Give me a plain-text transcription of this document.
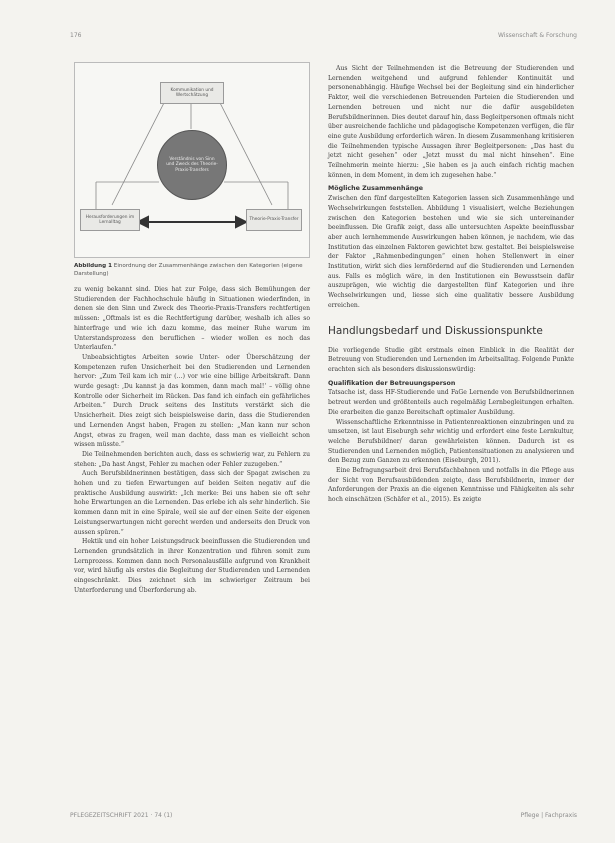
176	Wissenschaft & Forschung
Kommunikation und Wertschätzung
Verständnis von Sinn und Zweck des Theorie-Praxis-Transfers
Herausforderungen im Lernalltag
Theorie-Praxis-Transfer
Abbildung 1 Einordnung der Zusammenhänge zwischen den Kategorien (eigene Darstellung)

zu wenig bekannt sind. Dies hat zur Folge, dass sich Bemühungen der Studierenden der Fachhochschule häufig in Situationen wiederfinden, in denen sie den Sinn und Zweck des Theorie-Praxis-Transfers rechtfertigen müssen: „Oftmals ist es die Rechtfertigung darüber, weshalb ich alles so hinterfrage und wie ich dazu komme, das meiner Ruhe warum im Unterstandsprozess den beruflichen – wieder wollen es noch das Unterlaufen.“

Unbeabsichtigtes Arbeiten sowie Unter- oder Überschätzung der Kompetenzen rufen Unsicherheit bei den Studierenden und Lernenden hervor: „Zum Teil kam ich mir (…) vor wie eine billige Arbeitskraft. Dann wurde gesagt: ‚Du kannst ja das kommen, dann mach mal!‘ – völlig ohne Kontrolle oder Sicherheit im Rücken. Das fand ich einfach ein gefährliches Arbeiten.“ Durch Druck seitens des Instituts verstärkt sich die Unsicherheit. Dies zeigt sich beispielsweise darin, dass die Studierenden und Lernenden Angst haben, Fragen zu stellen: „Man kann nur schon Angst, etwas zu fragen, weil man dachte, dass man es vielleicht schon wissen müsste.“

Die Teilnehmenden berichten auch, dass es schwierig war, zu Fehlern zu stehen: „Da hast Angst, Fehler zu machen oder Fehler zuzugeben.“

Auch Berufsbildnerinnen bestätigen, dass sich der Spagat zwischen zu hohen und zu tiefen Erwartungen auf beiden Seiten negativ auf die praktische Ausbildung auswirkt: „Ich merke: Bei uns haben sie oft sehr hohe Erwartungen an die Lernenden. Das erlebe ich als sehr hinderlich. Sie kommen dann mit in eine Spirale, weil sie auf der einen Seite der eigenen Leistungserwartungen nicht gerecht werden und anderseits den Druck von aussen spüren.“

Hektik und ein hoher Leistungsdruck beeinflussen die Studierenden und Lernenden grundsätzlich in ihrer Konzentration und führen somit zum Lernprozess. Kommen dann noch Personalausfälle aufgrund von Krankheit vor, wird häufig als erstes die Begleitung der Studierenden und Lernenden eingeschränkt. Dies zeichnet sich im schwieriger Zeitraum bei Unterforderung und Überforderung ab.

Aus Sicht der Teilnehmenden ist die Betreuung der Studierenden und Lernenden weitgehend und aufgrund fehlender Kontinuität und personenabhängig. Häufige Wechsel bei der Begleitung sind ein hinderlicher Faktor, weil die verschiedenen Betreuenden Parteien die Studierenden und Lernenden betreuen und nicht nur die dafür ausgebildeten Berufsbildnerinnen. Dies deutet darauf hin, dass Begleitpersonen oftmals nicht über ausreichende fachliche und pädagogische Kompetenzen verfügen, die für eine gute Ausbildung erforderlich wären. In diesem Zusammenhang kritisieren die Teilnehmenden typische Aussagen ihrer Begleitpersonen: „Das hast du jetzt nicht gesehen“ oder „Jetzt musst du mal nicht hinsehen“. Eine Teilnehmerin meinte hierzu: „Sie haben es ja auch einfach richtig machen können, in dem Moment, in dem ich zugesehen habe.“

Mögliche Zusammenhänge

Zwischen den fünf dargestellten Kategorien lassen sich Zusammenhänge und Wechselwirkungen feststellen. Abbildung 1 visualisiert, welche Beziehungen zwischen den Kategorien bestehen und wie sie sich untereinander beeinflussen. Die Grafik zeigt, dass alle untersuchten Aspekte beeinflussbar aber auch lernhemmende Auswirkungen haben können, je nachdem, wie das Institution das einzelnen Faktoren gewichtet bzw. gestaltet. Bei beispielsweise der Faktor „Rahmenbedingungen“ einen hohen Stellenwert in einer Institution, wirkt sich dies lernfördernd auf die Studierenden und Lernenden aus. Falls es möglich wäre, in den Institutionen ein Bewusstsein dafür auszuprägen, wie wichtig die dargestellten fünf Kategorien und ihre Wechselwirkungen und, liesse sich eine qualitativ bessere Ausbildung erreichen.

Handlungsbedarf und Diskussionspunkte

Die vorliegende Studie gibt erstmals einen Einblick in die Realität der Betreuung von Studierenden und Lernenden im Arbeitsalltag. Folgende Punkte erachten sich als besonders diskussionswürdig:

Qualifikation der Betreuungsperson

Tatsache ist, dass HF-Studierende und FaGe Lernende von Berufsbildnerinnen betreut werden und größtenteils auch regelmäßig Lernbegleitungen erhalten. Die erarbeiten die ganze Bereitschaft optimaler Ausbildung.

Wissenschaftliche Erkenntnisse in Patientenreaktionen einzubringen und zu umsetzen, ist laut Eiseburgh sehr wichtig und erfordert eine feste Lernkultur, welche Berufsbildner/ daran gewährleisten können. Dadurch ist es Studierenden und Lernenden möglich, Patientensituationen zu analysieren und den Bezug zum Ganzen zu erkennen (Eiseburgh, 2011).

Eine Befragungsarbeit drei Berufsfachbahnen und notfalls in die Pflege aus der Sicht von Berufsausbildenden zeigte, dass Berufsbildnerin, immer der Anforderungen der Praxis an die eigenen Kenntnisse und Fähigkeiten als sehr hoch einschätzen (Schäfer et al., 2015). Es zeigte

PFLEGEZEITSCHRIFT 2021 · 74 (1)	Pflege | Fachpraxis
